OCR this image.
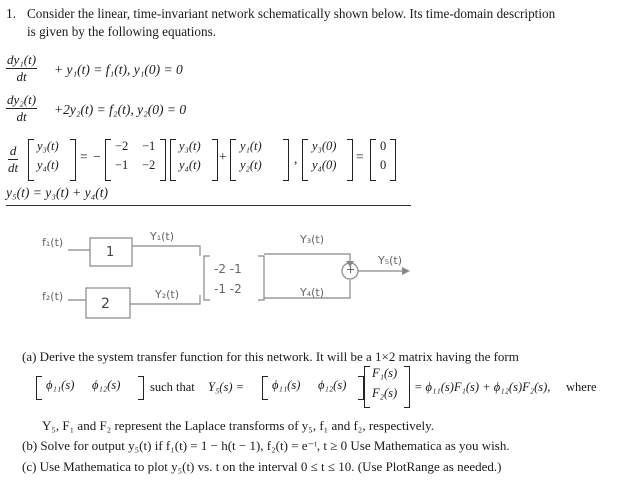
1. Consider the linear, time-invariant network schematically shown below. Its time-domain description
is given by the following equations.
dy₁(t)
dt + y₁(t) = f₁(t), y₁(0) = 0
dy₂(t)
dt +2y₂(t) = f₂(t), y₂(0) = 0
d
dt
y₃(t)
y₄(t)
= −
−2 −1
−1 −2
y₃(t)
y₄(t)
+
y₁(t)
y₂(t) ,
y₃(0)
y₄(0)
=
0
0
y₅(t) = y₃(t) + y₄(t)
f₁(t)
f₂(t)
1
2
Y₁(t)
Y₂(t)
-2 -1
-1 -2
Y₃(t)
Y₄(t)
+
Y₅(t)
(a) Derive the system transfer function for this network. It will be a 1×2 matrix having the form
ϕ₁₁(s) ϕ₁₂(s) such that Y₅(s) = ϕ₁₁(s) ϕ₁₂(s)
F₁(s)
F₂(s) = ϕ₁₁(s)F₁(s) + ϕ₁₂(s)F₂(s), where
Y₅, F₁ and F₂ represent the Laplace transforms of y₅, f₁ and f₂, respectively.
(b) Solve for output y₅(t) if f₁(t) = 1 − h(t − 1), f₂(t) = e⁻ᵗ, t ≥ 0 Use Mathematica as you wish.
(c) Use Mathematica to plot y₅(t) vs. t on the interval 0 ≤ t ≤ 10. (Use PlotRange as needed.)
